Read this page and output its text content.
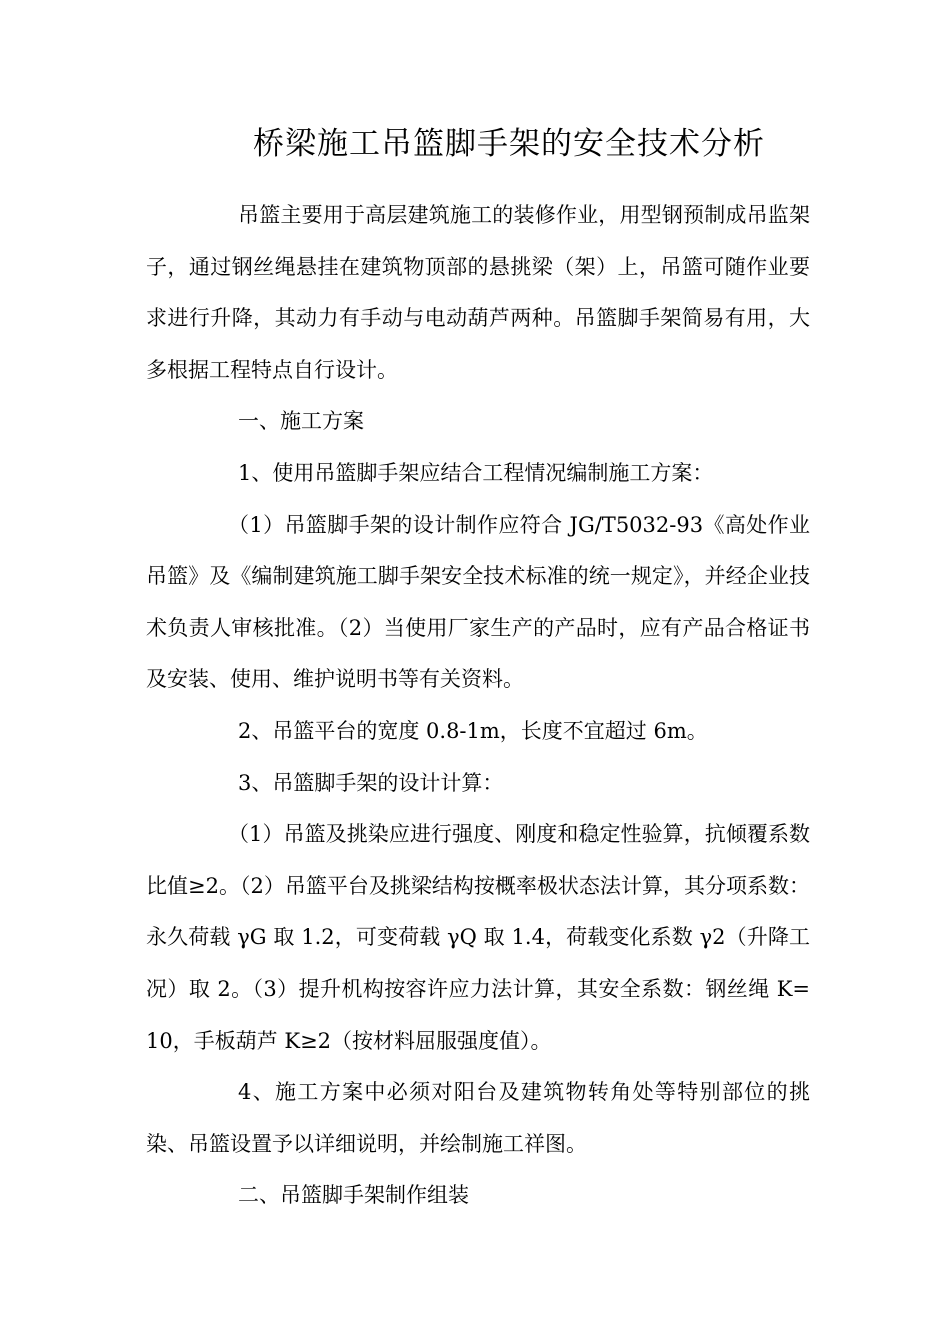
桥梁施工吊篮脚手架的安全技术分析

吊篮主要用于高层建筑施工的装修作业，用型钢预制成吊监架子，通过钢丝绳悬挂在建筑物顶部的悬挑梁（架）上，吊篮可随作业要求进行升降，其动力有手动与电动葫芦两种。吊篮脚手架简易有用，大多根据工程特点自行设计。

一、施工方案

1、使用吊篮脚手架应结合工程情况编制施工方案：

（1）吊篮脚手架的设计制作应符合 JG/T5032-93《高处作业吊篮》及《编制建筑施工脚手架安全技术标准的统一规定》，并经企业技术负责人审核批准。（2）当使用厂家生产的产品时，应有产品合格证书及安装、使用、维护说明书等有关资料。

2、吊篮平台的宽度 0.8-1m，长度不宜超过 6m。

3、吊篮脚手架的设计计算：

（1）吊篮及挑染应进行强度、刚度和稳定性验算，抗倾覆系数比值≥2。（2）吊篮平台及挑梁结构按概率极状态法计算，其分项系数：永久荷载 γG 取 1.2，可变荷载 γQ 取 1.4，荷载变化系数 γ2（升降工况）取 2。（3）提升机构按容许应力法计算，其安全系数：钢丝绳 K=10，手板葫芦 K≥2（按材料屈服强度值）。

4、施工方案中必须对阳台及建筑物转角处等特别部位的挑染、吊篮设置予以详细说明，并绘制施工祥图。

二、吊篮脚手架制作组装
